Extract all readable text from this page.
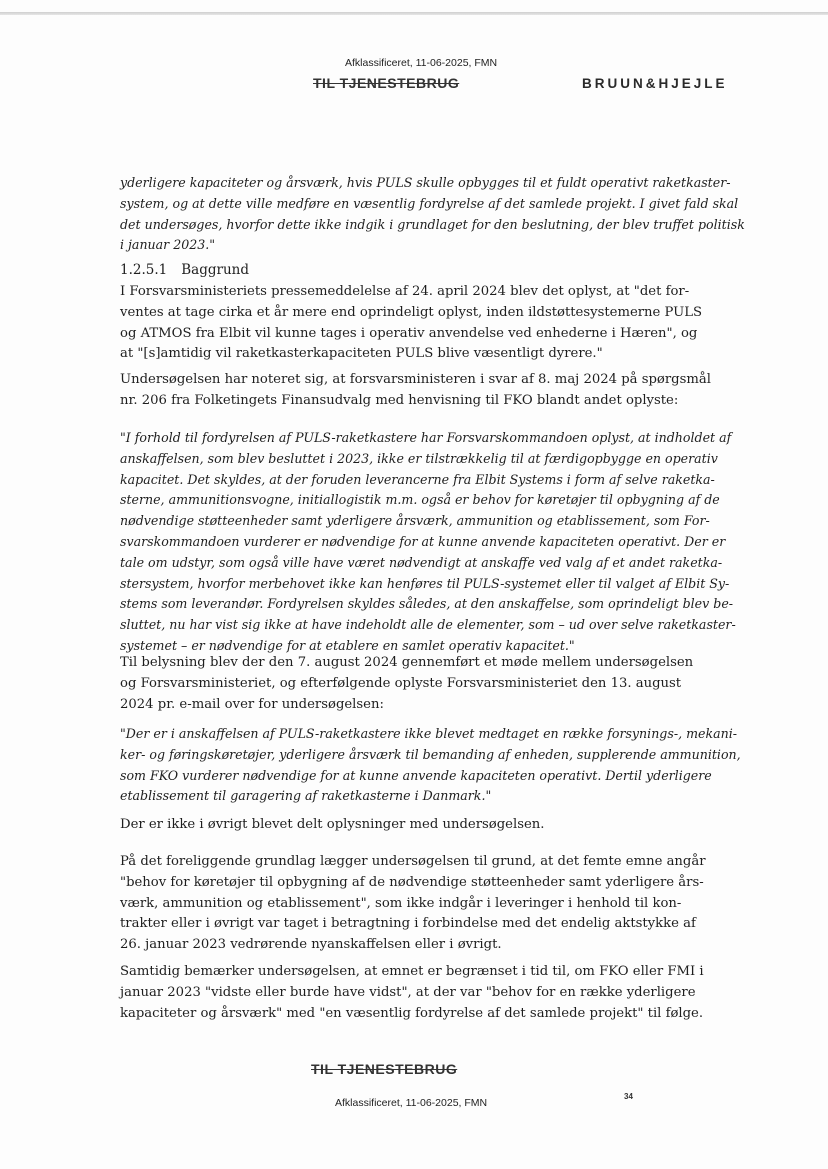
Afklassificeret, 11-06-2025, FMN
TIL TJENESTEBRUG	BRUUN&HJEJLE
1.2.5.1 Baggrund
yderligere kapaciteter og årsværk, hvis PULS skulle opbygges til et fuldt operativt raketkaster-
system, og at dette ville medføre en væsentlig fordyrelse af det samlede projekt. I givet fald skal
det undersøges, hvorfor dette ikke indgik i grundlaget for den beslutning, der blev truffet politisk
i januar 2023."
I Forsvarsministeriets pressemeddelelse af 24. april 2024 blev det oplyst, at "det for-
ventes at tage cirka et år mere end oprindeligt oplyst, inden ildstøttesystemerne PULS
og ATMOS fra Elbit vil kunne tages i operativ anvendelse ved enhederne i Hæren", og
at "[s]amtidig vil raketkasterkapaciteten PULS blive væsentligt dyrere."
Undersøgelsen har noteret sig, at forsvarsministeren i svar af 8. maj 2024 på spørgsmål
nr. 206 fra Folketingets Finansudvalg med henvisning til FKO blandt andet oplyste:
"I forhold til fordyrelsen af PULS-raketkastere har Forsvarskommandoen oplyst, at indholdet af
anskaffelsen, som blev besluttet i 2023, ikke er tilstrækkelig til at færdigopbygge en operativ
kapacitet. Det skyldes, at der foruden leverancerne fra Elbit Systems i form af selve raketka-
sterne, ammunitionsvogne, initiallogistik m.m. også er behov for køretøjer til opbygning af de
nødvendige støtteenheder samt yderligere årsværk, ammunition og etablissement, som For-
svarskommandoen vurderer er nødvendige for at kunne anvende kapaciteten operativt. Der er
tale om udstyr, som også ville have været nødvendigt at anskaffe ved valg af et andet raketka-
stersystem, hvorfor merbehovet ikke kan henføres til PULS-systemet eller til valget af Elbit Sy-
stems som leverandør. Fordyrelsen skyldes således, at den anskaffelse, som oprindeligt blev be-
sluttet, nu har vist sig ikke at have indeholdt alle de elementer, som – ud over selve raketkaster-
systemet – er nødvendige for at etablere en samlet operativ kapacitet."
Til belysning blev der den 7. august 2024 gennemført et møde mellem undersøgelsen
og Forsvarsministeriet, og efterfølgende oplyste Forsvarsministeriet den 13. august
2024 pr. e-mail over for undersøgelsen:
"Der er i anskaffelsen af PULS-raketkastere ikke blevet medtaget en række forsynings-, mekani-
ker- og føringskøretøjer, yderligere årsværk til bemanding af enheden, supplerende ammunition,
som FKO vurderer nødvendige for at kunne anvende kapaciteten operativt. Dertil yderligere
etablissement til garagering af raketkasterne i Danmark."
Der er ikke i øvrigt blevet delt oplysninger med undersøgelsen.
På det foreliggende grundlag lægger undersøgelsen til grund, at det femte emne angår
"behov for køretøjer til opbygning af de nødvendige støtteenheder samt yderligere års-
værk, ammunition og etablissement", som ikke indgår i leveringer i henhold til kon-
trakter eller i øvrigt var taget i betragtning i forbindelse med det endelig aktstykke af
26. januar 2023 vedrørende nyanskaffelsen eller i øvrigt.
Samtidig bemærker undersøgelsen, at emnet er begrænset i tid til, om FKO eller FMI i
januar 2023 "vidste eller burde have vidst", at der var "behov for en række yderligere
kapaciteter og årsværk" med "en væsentlig fordyrelse af det samlede projekt" til følge.
TIL TJENESTEBRUG
Afklassificeret, 11-06-2025, FMN
34
